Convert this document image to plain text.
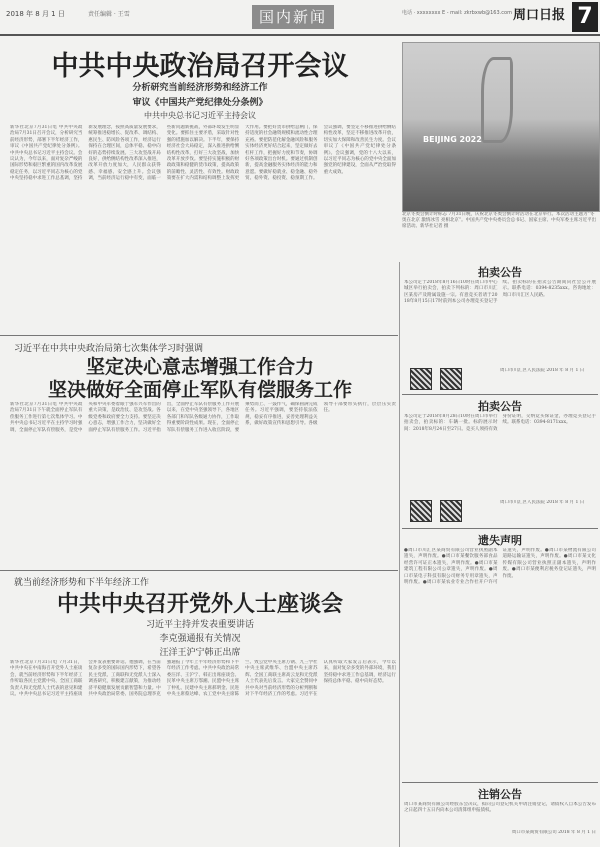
2018 年 8 月 1 日	责任编辑 · 王雪	国内新闻	电话 · xxxxxxxx E - mail: zkrbxwb@163.com 周口日报 7
中共中央政治局召开会议
分析研究当前经济形势和经济工作
审议《中国共产党纪律处分条例》
中共中央总书记习近平主持会议
新华社北京7月31日电 中共中央政治局7月31日召开会议，分析研究当前经济形势，部署下半年经济工作，审议《中国共产党纪律处分条例》。中共中央总书记习近平主持会议。会议认为，今年以来，面对复杂严峻的国际形势和艰巨繁重的国内改革发展稳定任务，以习近平同志为核心的党中央坚持稳中求进工作总基调，坚持新发展理念，按照高质量发展要求，统筹推进稳增长、促改革、调结构、惠民生、防风险各项工作，经济运行保持在合理区间，总体平稳、稳中向好的态势持续发展。三大攻坚战开局良好，供给侧结构性改革深入推进，改革开放力度加大，人民群众获得感、幸福感、安全感上升。会议强调，当前经济运行稳中有变，面临一些新问题新挑战，外部环境发生明显变化。要抓住主要矛盾，采取针对性强的措施加以解决。下半年，要保持经济社会大局稳定，深入推进供给侧结构性改革，打好三大攻坚战，加快改革开放步伐。要坚持实施积极的财政政策和稳健的货币政策，提高政策的前瞻性、灵活性、有效性。财政政策要在扩大内需和结构调整上发挥更大作用。要把好货币供给总闸门，保持适度的社会融资规模和流动性合理充裕。要把防范化解金融风险和服务实体经济更好结合起来，坚定做好去杠杆工作，把握好力度和节奏，协调好各项政策出台时机。要通过机制创新，提高金融服务实体经济的能力和意愿。要做好稳就业、稳金融、稳外贸、稳外资、稳投资、稳预期工作。会议强调，要坚定不移推进供给侧结构性改革，坚定不移推进改革开放，切实加大保障和改善民生力度。会议审议了《中国共产党纪律处分条例》。会议强调，党的十八大以来，以习近平同志为核心的党中央全面加强党的纪律建设，全面从严治党取得重大成效。
BEIJING 2022
北京冬奥会倒计时标志 7月31日晚，庆祝北京冬奥会倒计时活动在北京举行。本次活动主题为“冬奥在北京 激情冰雪 亮相北京”。中国共产党中央委员会总书记、国家主席、中央军委主席习近平出席活动。新华社记者 摄
习近平在中共中央政治局第七次集体学习时强调
坚定决心意志增强工作合力
坚决做好全面停止军队有偿服务工作
新华社北京7月31日电 中共中央政治局7月31日下午就全面停止军队有偿服务工作进行第七次集体学习。中共中央总书记习近平在主持学习时强调，全面停止军队有偿服务，是党中央和中央军委着眼于强军兴军作出的重大决策，是政治仗、是攻坚战。各级党委和政府要全力支持。要坚定决心意志，增强工作合力，坚决做好全面停止军队有偿服务工作。习近平指出，全面停止军队有偿服务工作开展以来，在党中央坚强领导下，各地区各部门和军队各级通力协作，工作取得重要阶段性成果。现在，全面停止军队有偿服务工作进入收官阶段，要乘势而上、一鼓作气，确保圆满完成任务。习近平强调，要坚持依法依规，稳妥有序推进，妥善处理利益关系，做好政策宣传和思想引导。各级领导干部要带头执行，层层压实责任。
就当前经济形势和下半年经济工作
中共中央召开党外人士座谈会
习近平主持并发表重要讲话
李克强通报有关情况
汪洋王沪宁韩正出席
新华社北京7月31日电 7月31日，中共中央在中南海召开党外人士座谈会，就当前经济形势和下半年经济工作听取各民主党派中央、全国工商联负责人和无党派人士代表的意见和建议。中共中央总书记习近平主持座谈会并发表重要讲话。他强调，在当前复杂多变的国际国内形势下，希望各民主党派、工商联和无党派人士深入调查研究，积极建言献策，为推动经济平稳健康发展贡献智慧和力量。中共中央政治局常委、国务院总理李克强通报了今年上半年经济形势和下半年经济工作考虑。中共中央政治局常委汪洋、王沪宁、韩正出席座谈会。民革中央主席万鄂湘、民盟中央主席丁仲礼、民建中央主席郝明金、民进中央主席蔡达峰、农工党中央主席陈竺、致公党中央主席万钢、九三学社中央主席武维华、台盟中央主席苏辉、全国工商联主席高云龙和无党派人士代表先后发言。大家完全赞同中共中央对当前经济形势的分析判断和对下半年经济工作的考虑。习近平在认真听取大家发言后表示，今年以来，面对复杂多变的外部环境，我们坚持稳中求进工作总基调，经济运行保持总体平稳、稳中向好态势。
拍卖公告
本公司定于2018年8月16日10时在周口市中心城区举行拍卖会，拍卖下列标的：周口市川汇区某房产及附属设施一宗。有意竞买者请于2018年8月15日17时前到本公司办理竞买登记手续。拍卖标的在拍卖公告期间向社会公开展示。联系电话：0394-8235xxx。咨询地址：周口市川汇区人民路。
周口市川汇区人民法院 2018 年 8 月 1 日
拍卖公告
本公司定于2018年8月28日10时在周口市举行拍卖会，拍卖标的：车辆一批。标的展示时间：2018年8月24日至27日。竞买人须持有效身份证明，交纳竞买保证金，办理竞买登记手续。联系电话：0394-8171xxx。
周口市川汇区人民法院 2018 年 8 月 1 日
遗失声明
●周口市川汇区某商贸有限公司营业执照副本遗失，声明作废。●周口市某餐饮服务部食品经营许可证正本遗失，声明作废。●周口市某建筑工程有限公司公章遗失，声明作废。●周口市某电子科技有限公司财务专用章遗失，声明作废。●周口市某农业专业合作社开户许可证遗失，声明作废。●周口市某物流有限公司道路运输证遗失，声明作废。●周口市某文化传媒有限公司营业执照正副本遗失，声明作废。●周口市某便利店税务登记证遗失，声明作废。
注销公告
周口市某商贸有限公司经股东会决议，拟向公司登记机关申请注销登记，请债权人自本公告发布之日起四十五日内向本公司清算组申报债权。
周口市某商贸有限公司 2018 年 8 月 1 日
